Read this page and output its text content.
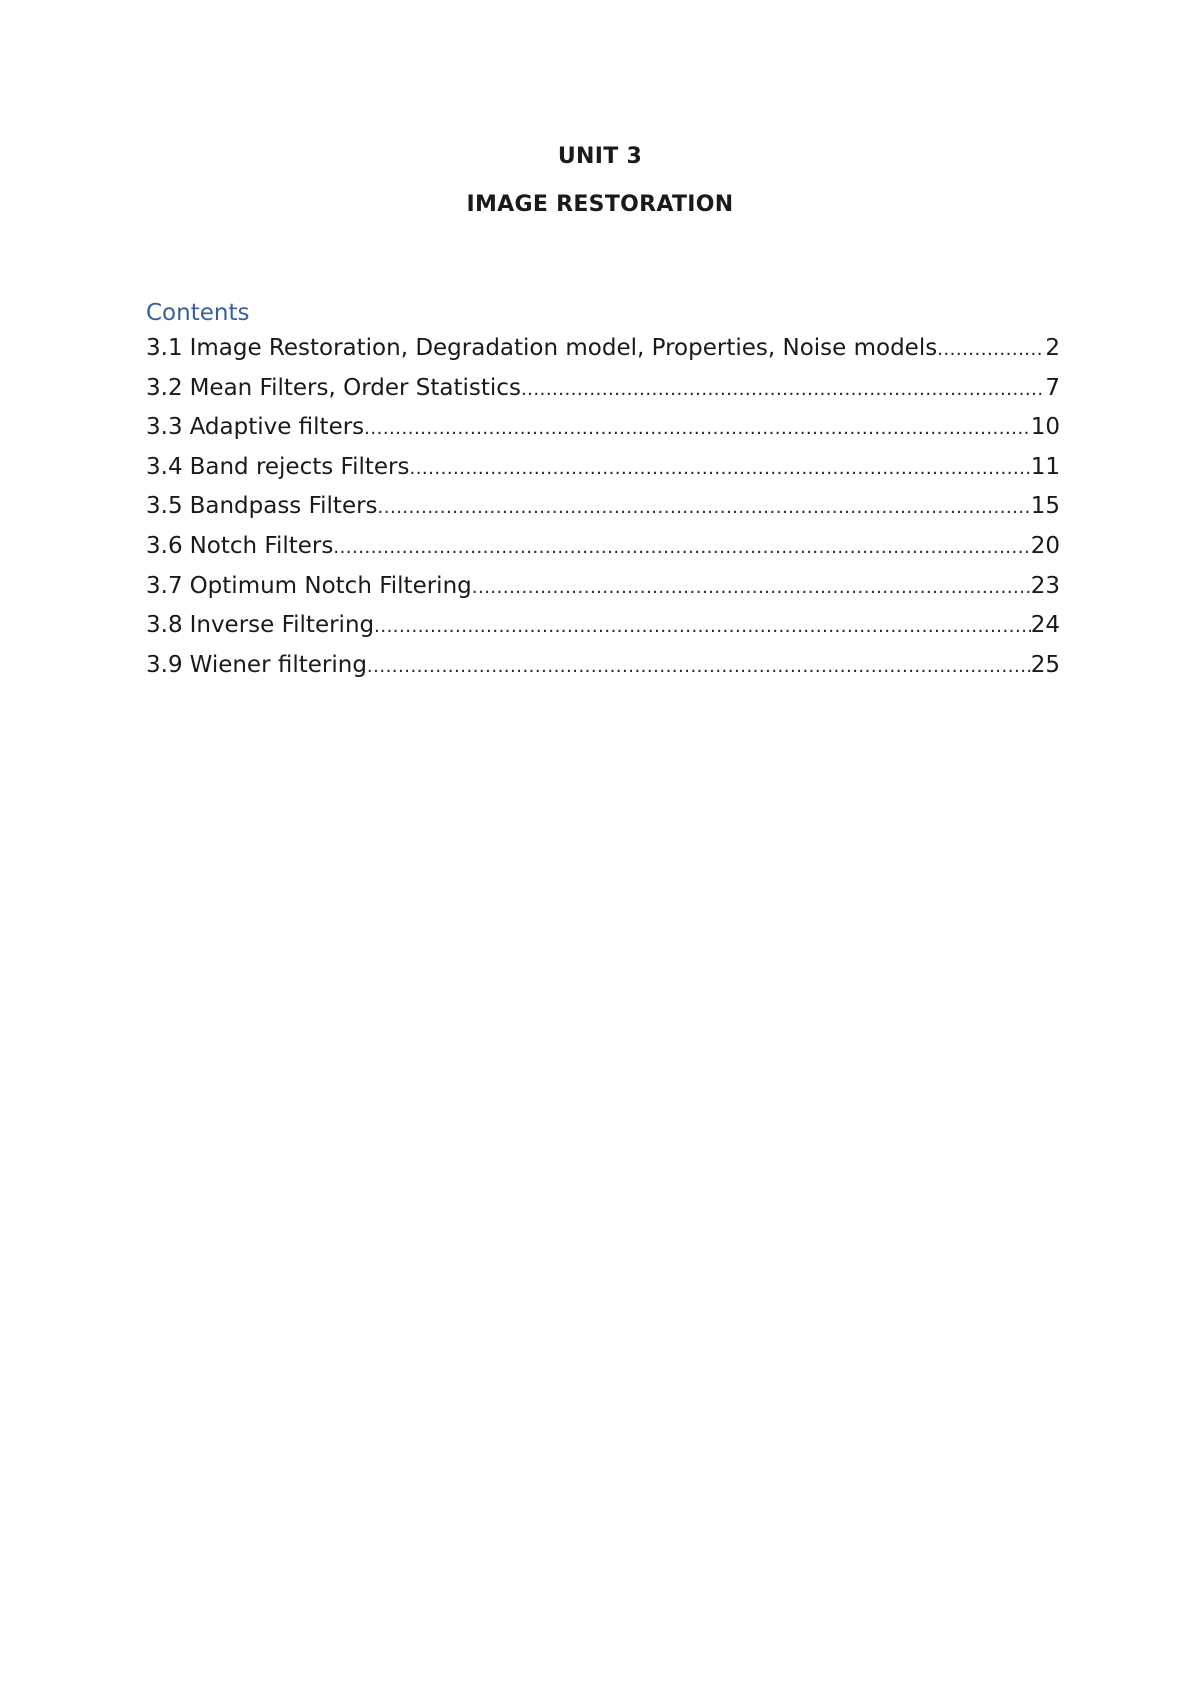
UNIT 3
IMAGE RESTORATION
Contents
3.1 Image Restoration, Degradation model, Properties, Noise models .....	2
3.2 Mean Filters, Order Statistics .....	7
3.3 Adaptive filters .....	10
3.4 Band rejects Filters .....	11
3.5 Bandpass Filters .....	15
3.6 Notch Filters .....	20
3.7 Optimum Notch Filtering .....	23
3.8 Inverse Filtering .....	24
3.9 Wiener filtering .....	25
